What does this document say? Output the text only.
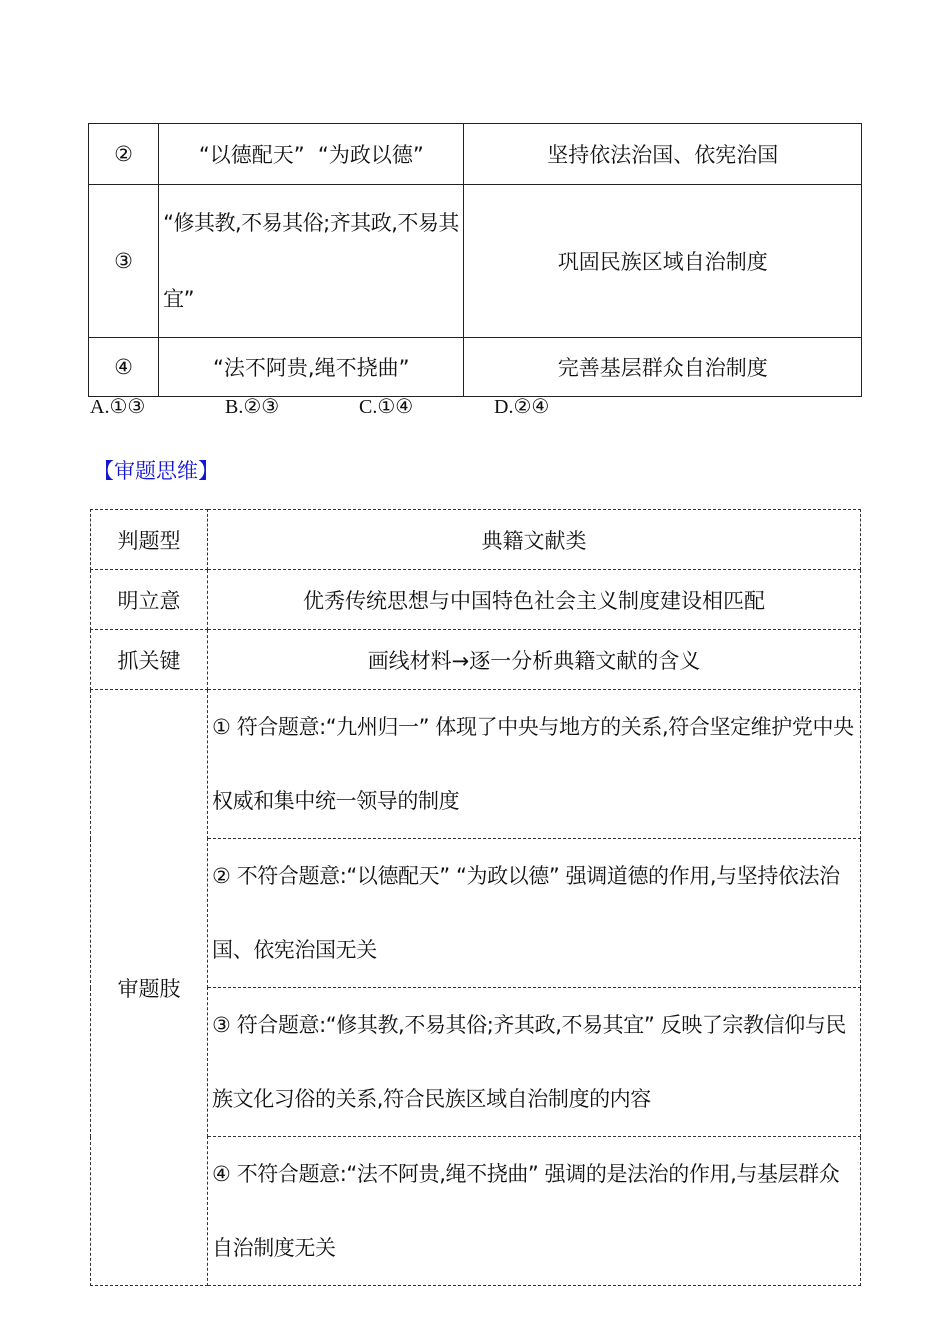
②	“以德配天”  “为政以德”	坚持依法治国、依宪治国
③	“修其教,不易其俗;齐其政,不易其宜”	巩固民族区域自治制度
④	“法不阿贵,绳不挠曲”	完善基层群众自治制度
A.①③	B.②③	C.①④	D.②④
【审题思维】
判题型	典籍文献类
明立意	优秀传统思想与中国特色社会主义制度建设相匹配
抓关键	画线材料→逐一分析典籍文献的含义
审题肢	① 符合题意:“九州归一” 体现了中央与地方的关系,符合坚定维护党中央权威和集中统一领导的制度
	② 不符合题意:“以德配天” “为政以德” 强调道德的作用,与坚持依法治国、依宪治国无关
	③ 符合题意:“修其教,不易其俗;齐其政,不易其宜” 反映了宗教信仰与民族文化习俗的关系,符合民族区域自治制度的内容
	④ 不符合题意:“法不阿贵,绳不挠曲” 强调的是法治的作用,与基层群众自治制度无关
